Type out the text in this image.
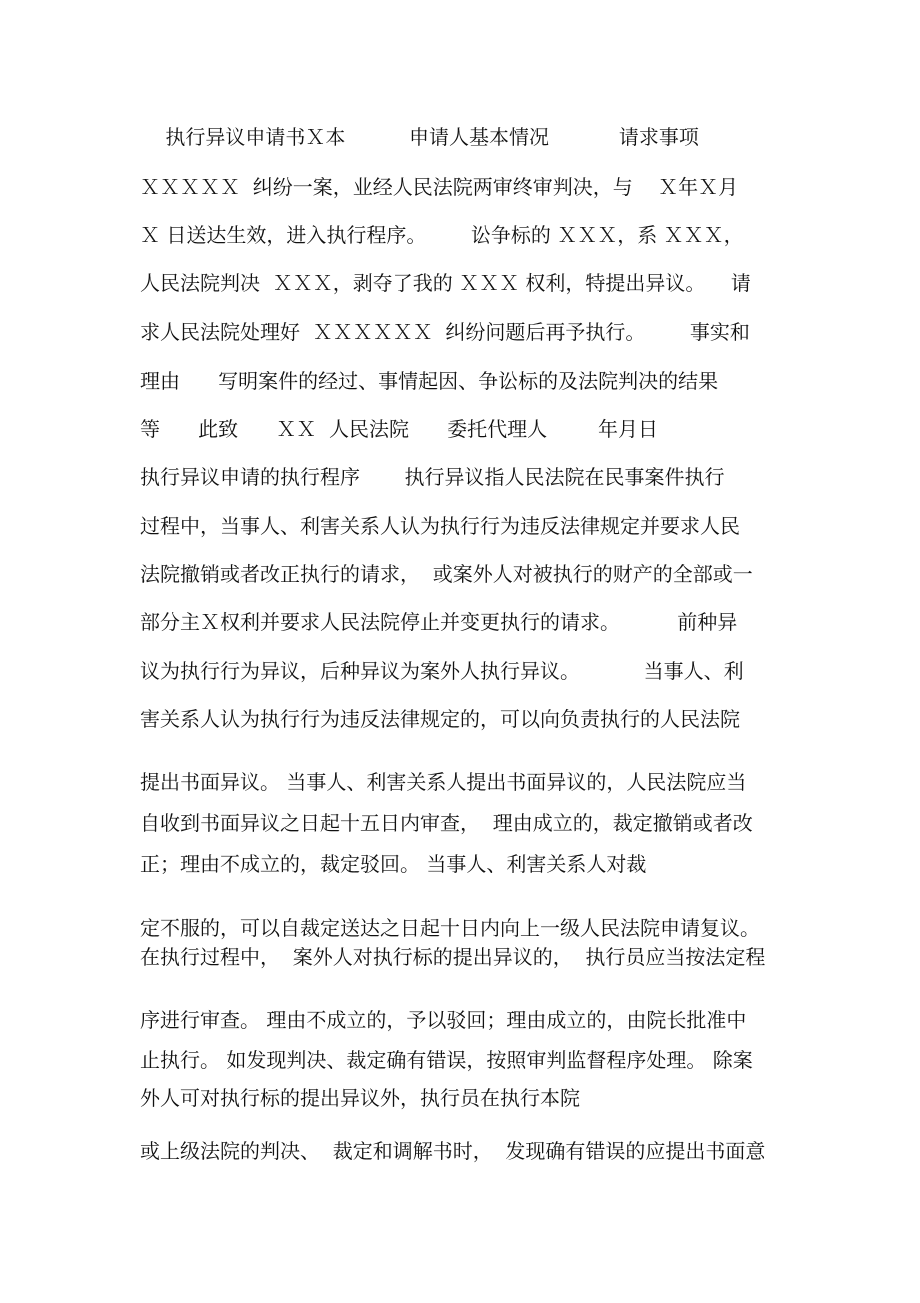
执行异议申请书Ｘ本          申请人基本情况           请求事项
ＸＸＸＸＸ  纠纷一案，业经人民法院两审终审判决，与    Ｘ年Ｘ月
Ｘ 日送达生效，进入执行程序。       讼争标的 ＸＸＸ，系 ＸＸＸ，
人民法院判决  ＸＸＸ，剥夺了我的 ＸＸＸ 权利，特提出异议。    请
求人民法院处理好  ＸＸＸＸＸＸ  纠纷问题后再予执行。       事实和
理由      写明案件的经过、事情起因、争讼标的及法院判决的结果
等      此致      ＸＸ  人民法院      委托代理人        年月日
执行异议申请的执行程序       执行异议指人民法院在民事案件执行
过程中，当事人、利害关系人认为执行行为违反法律规定并要求人民
法院撤销或者改正执行的请求，  或案外人对被执行的财产的全部或一
部分主Ｘ权利并要求人民法院停止并变更执行的请求。         前种异
议为执行行为异议，后种异议为案外人执行异议。          当事人、利
害关系人认为执行行为违反法律规定的，可以向负责执行的人民法院
提出书面异议。 当事人、利害关系人提出书面异议的，人民法院应当
自收到书面异议之日起十五日内审查，  理由成立的，裁定撤销或者改
正；理由不成立的，裁定驳回。 当事人、利害关系人对裁
定不服的，可以自裁定送达之日起十日内向上一级人民法院申请复议。
在执行过程中，  案外人对执行标的提出异议的，  执行员应当按法定程
序进行审查。 理由不成立的，予以驳回；理由成立的，由院长批准中
止执行。 如发现判决、裁定确有错误，按照审判监督程序处理。 除案
外人可对执行标的提出异议外，执行员在执行本院
或上级法院的判决、  裁定和调解书时，  发现确有错误的应提出书面意
